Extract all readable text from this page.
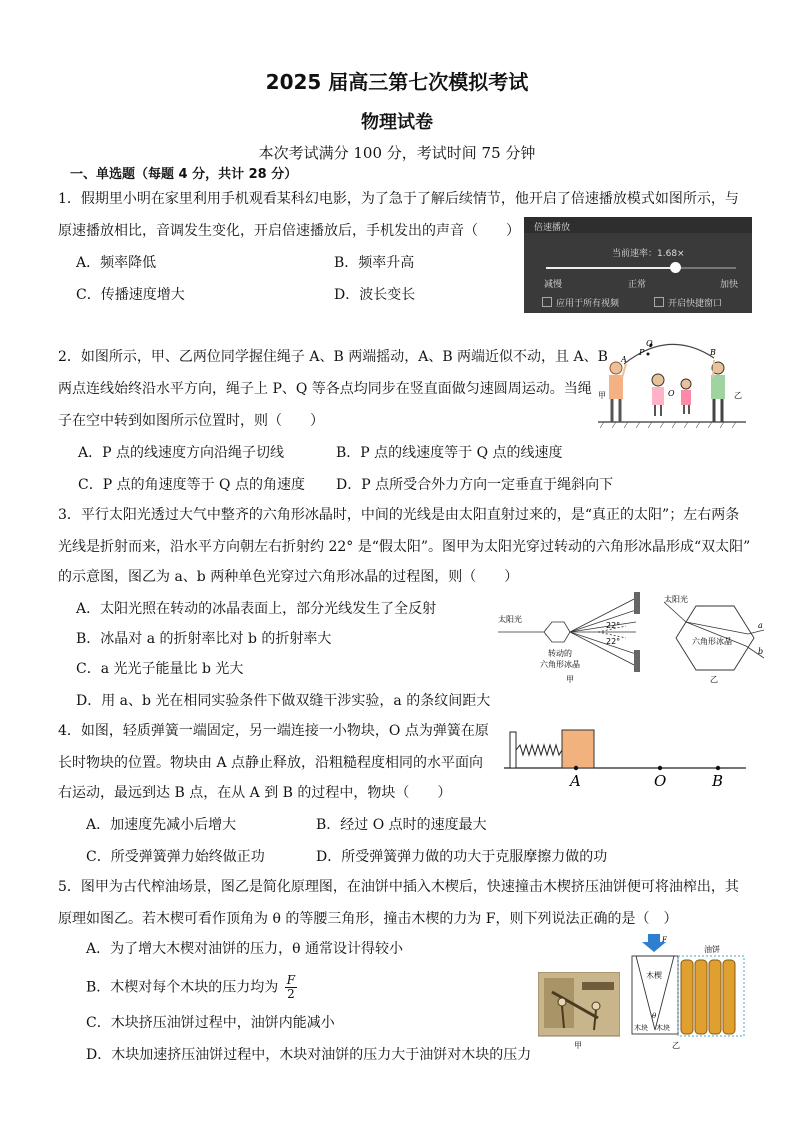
2025 届高三第七次模拟考试
物理试卷
本次考试满分 100 分，考试时间 75 分钟
一、单选题（每题 4 分，共计 28 分）
1．假期里小明在家里利用手机观看某科幻电影，为了急于了解后续情节，他开启了倍速播放模式如图所示，与
原速播放相比，音调发生变化，开启倍速播放后，手机发出的声音（　　）
A．频率降低	B．频率升高
C．传播速度增大	D．波长变长
倍速播放
当前速率：1.68×
减慢	正常	加快
应用于所有视频	开启快捷窗口
2．如图所示，甲、乙两位同学握住绳子 A、B 两端摇动，A、B 两端近似不动，且 A、B
两点连线始终沿水平方向，绳子上 P、Q 等各点均同步在竖直面做匀速圆周运动。当绳
子在空中转到如图所示位置时，则（　　）
A．P 点的线速度方向沿绳子切线	B．P 点的线速度等于 Q 点的线速度
C．P 点的角速度等于 Q 点的角速度 D．P 点所受合外力方向一定垂直于绳斜向下
A
P
Q
B
O
甲	乙
3．平行太阳光透过大气中整齐的六角形冰晶时，中间的光线是由太阳直射过来的，是“真正的太阳”；左右两条
光线是折射而来，沿水平方向朝左右折射约 22° 是“假太阳”。图甲为太阳光穿过转动的六角形冰晶形成“双太阳”
的示意图，图乙为 a、b 两种单色光穿过六角形冰晶的过程图，则（　　）
A．太阳光照在转动的冰晶表面上，部分光线发生了全反射
B．冰晶对 a 的折射率比对 b 的折射率大
C．a 光光子能量比 b 光大
D．用 a、b 光在相同实验条件下做双缝干涉实验，a 的条纹间距大
太阳光
转动的
六角形冰晶
22°
22°
甲
太阳光
六角形冰晶
a
b
乙
4．如图，轻质弹簧一端固定，另一端连接一小物块，O 点为弹簧在原
长时物块的位置。物块由 A 点静止释放，沿粗糙程度相同的水平面向
右运动，最远到达 B 点，在从 A 到 B 的过程中，物块（　　）
A．加速度先减小后增大	B．经过 O 点时的速度最大
C．所受弹簧弹力始终做正功	D．所受弹簧弹力做的功大于克服摩擦力做的功
A	O	B
5．图甲为古代榨油场景，图乙是简化原理图，在油饼中插入木楔后，快速撞击木楔挤压油饼便可将油榨出，其
原理如图乙。若木楔可看作顶角为 θ 的等腰三角形，撞击木楔的力为 F，则下列说法正确的是（　）
A．为了增大木楔对油饼的压力，θ 通常设计得较小
B．木楔对每个木块的压力均为 $\frac{F}{2}$
C．木块挤压油饼过程中，油饼内能减小
D．木块加速挤压油饼过程中，木块对油饼的压力大于油饼对木块的压力
甲
F
木楔
油饼
θ
木块 木块
乙
